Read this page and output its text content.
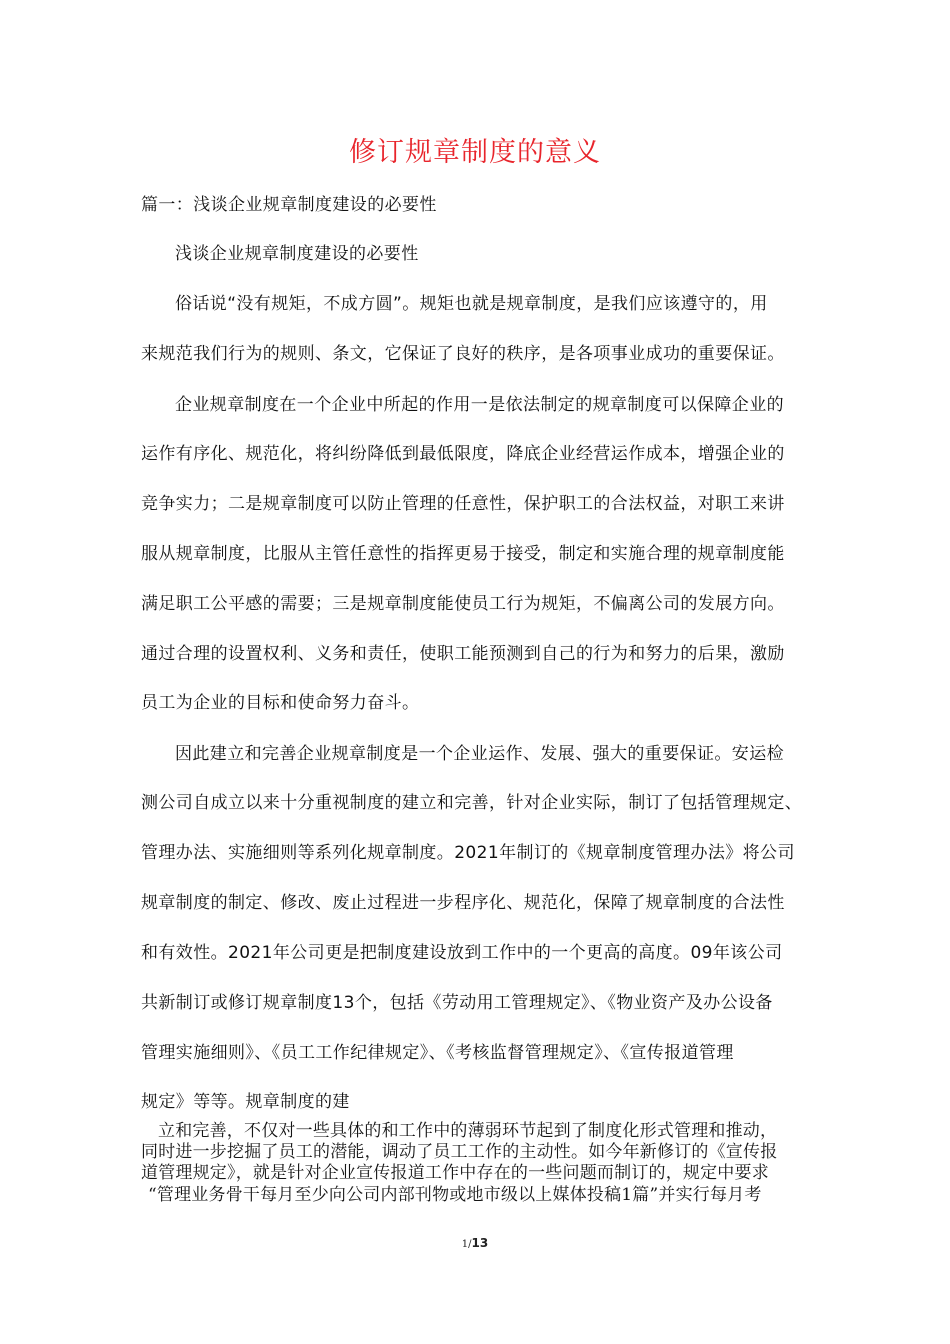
修订规章制度的意义
篇一：浅谈企业规章制度建设的必要性
浅谈企业规章制度建设的必要性
俗话说“没有规矩，不成方圆”。规矩也就是规章制度，是我们应该遵守的，用
来规范我们行为的规则、条文，它保证了良好的秩序，是各项事业成功的重要保证。
企业规章制度在一个企业中所起的作用一是依法制定的规章制度可以保障企业的
运作有序化、规范化，将纠纷降低到最低限度，降底企业经营运作成本，增强企业的
竞争实力；二是规章制度可以防止管理的任意性，保护职工的合法权益，对职工来讲
服从规章制度，比服从主管任意性的指挥更易于接受，制定和实施合理的规章制度能
满足职工公平感的需要；三是规章制度能使员工行为规矩，不偏离公司的发展方向。
通过合理的设置权利、义务和责任，使职工能预测到自己的行为和努力的后果，激励
员工为企业的目标和使命努力奋斗。
因此建立和完善企业规章制度是一个企业运作、发展、强大的重要保证。安运检
测公司自成立以来十分重视制度的建立和完善，针对企业实际，制订了包括管理规定、
管理办法、实施细则等系列化规章制度。2021年制订的《规章制度管理办法》将公司
规章制度的制定、修改、废止过程进一步程序化、规范化，保障了规章制度的合法性
和有效性。2021年公司更是把制度建设放到工作中的一个更高的高度。09年该公司
共新制订或修订规章制度13个，包括《劳动用工管理规定》、《物业资产及办公设备
管理实施细则》、《员工工作纪律规定》、《考核监督管理规定》、《宣传报道管理
规定》等等。规章制度的建
立和完善，不仅对一些具体的和工作中的薄弱环节起到了制度化形式管理和推动，
同时进一步挖掘了员工的潜能，调动了员工工作的主动性。如今年新修订的《宣传报
道管理规定》，就是针对企业宣传报道工作中存在的一些问题而制订的，规定中要求
“管理业务骨干每月至少向公司内部刊物或地市级以上媒体投稿1篇”并实行每月考
1/13
